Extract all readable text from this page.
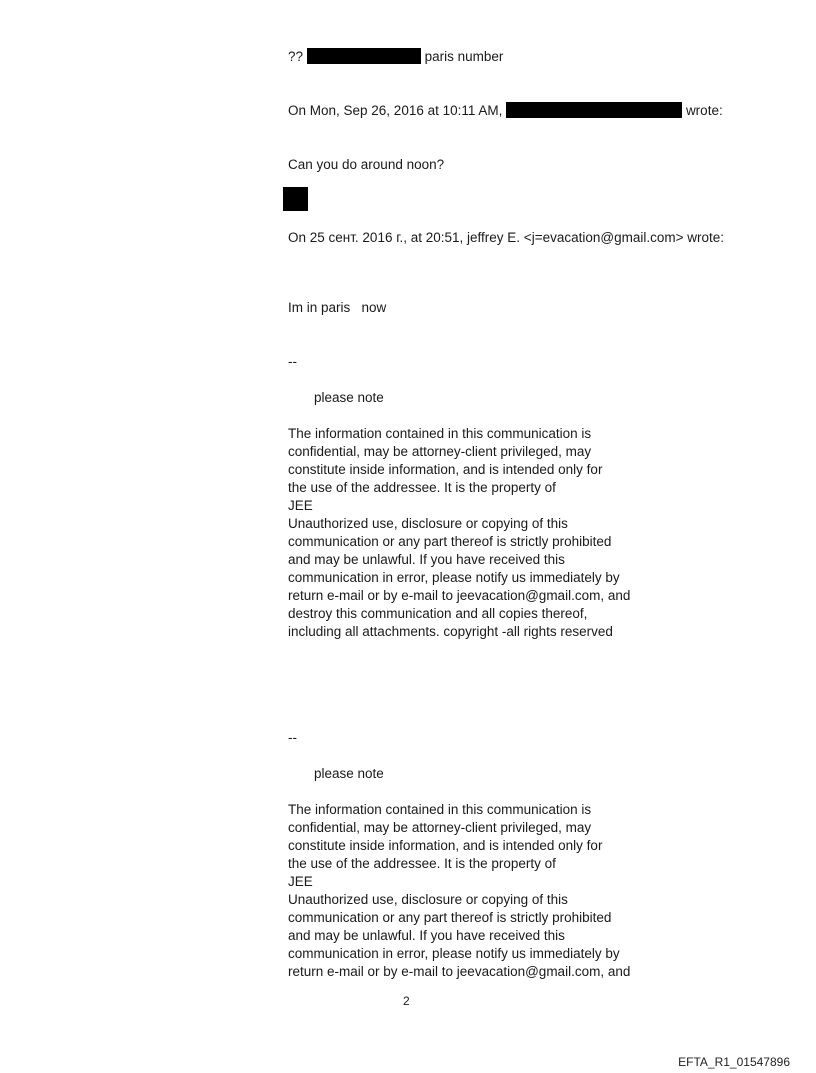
??	paris number
On Mon, Sep 26, 2016 at 10:11 AM,	wrote:
Can you do around noon?
On 25 сент. 2016 г., at 20:51, jeffrey E. <j=evacation@gmail.com> wrote:
Im in paris   now
--
please note
The information contained in this communication is
confidential, may be attorney-client privileged, may
constitute inside information, and is intended only for
the use of the addressee. It is the property of
JEE
Unauthorized use, disclosure or copying of this
communication or any part thereof is strictly prohibited
and may be unlawful. If you have received this
communication in error, please notify us immediately by
return e-mail or by e-mail to jeevacation@gmail.com, and
destroy this communication and all copies thereof,
including all attachments. copyright -all rights reserved
--
please note
The information contained in this communication is
confidential, may be attorney-client privileged, may
constitute inside information, and is intended only for
the use of the addressee. It is the property of
JEE
Unauthorized use, disclosure or copying of this
communication or any part thereof is strictly prohibited
and may be unlawful. If you have received this
communication in error, please notify us immediately by
return e-mail or by e-mail to jeevacation@gmail.com, and
2
EFTA_R1_01547896
